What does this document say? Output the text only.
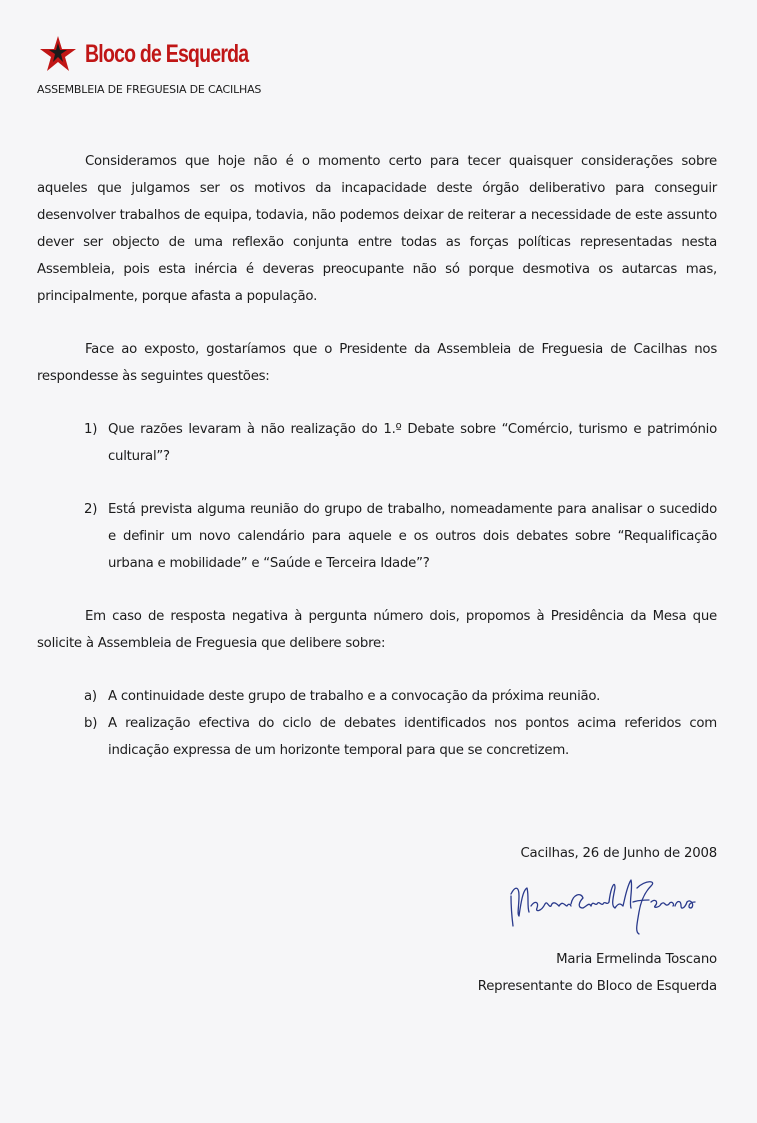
Bloco de Esquerda
ASSEMBLEIA DE FREGUESIA DE CACILHAS
Consideramos que hoje não é o momento certo para tecer quaisquer considerações sobre aqueles que julgamos ser os motivos da incapacidade deste órgão deliberativo para conseguir desenvolver trabalhos de equipa, todavia, não podemos deixar de reiterar a necessidade de este assunto dever ser objecto de uma reflexão conjunta entre todas as forças políticas representadas nesta Assembleia, pois esta inércia é deveras preocupante não só porque desmotiva os autarcas mas, principalmente, porque afasta a população.
Face ao exposto, gostaríamos que o Presidente da Assembleia de Freguesia de Cacilhas nos respondesse às seguintes questões:
1) Que razões levaram à não realização do 1.º Debate sobre “Comércio, turismo e património cultural”?
2) Está prevista alguma reunião do grupo de trabalho, nomeadamente para analisar o sucedido e definir um novo calendário para aquele e os outros dois debates sobre “Requalificação urbana e mobilidade” e “Saúde e Terceira Idade”?
Em caso de resposta negativa à pergunta número dois, propomos à Presidência da Mesa que solicite à Assembleia de Freguesia que delibere sobre:
a) A continuidade deste grupo de trabalho e a convocação da próxima reunião.
b) A realização efectiva do ciclo de debates identificados nos pontos acima referidos com indicação expressa de um horizonte temporal para que se concretizem.
Cacilhas, 26 de Junho de 2008
Maria Ermelinda Toscano
Representante do Bloco de Esquerda
